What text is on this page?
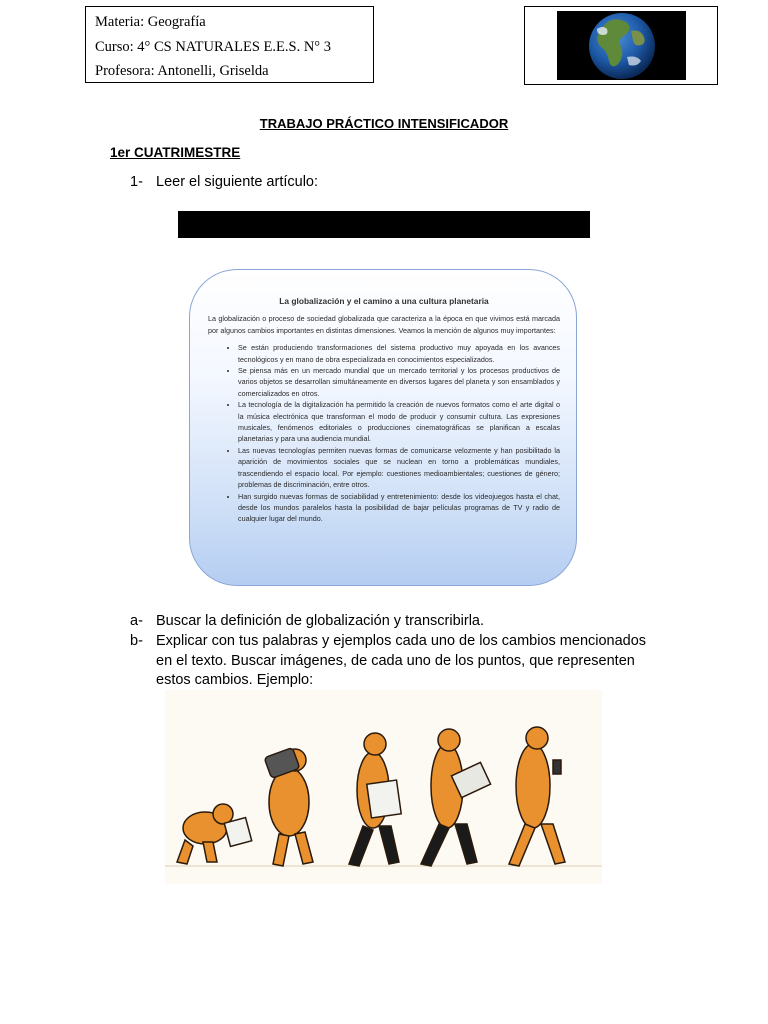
Materia: Geografía
Curso: 4° CS NATURALES E.E.S. N° 3
Profesora: Antonelli, Griselda
TRABAJO PRÁCTICO INTENSIFICADOR
1er CUATRIMESTRE
1- Leer el siguiente artículo:
La globalización y el camino a una cultura planetaria

La globalización o proceso de sociedad globalizada que caracteriza a la época en que vivimos está marcada por algunos cambios importantes en distintas dimensiones. Veamos la mención de algunos muy importantes:

• Se están produciendo transformaciones del sistema productivo muy apoyada en los avances tecnológicos y en mano de obra especializada en conocimientos especializados.
• Se piensa más en un mercado mundial que un mercado territorial y los procesos productivos de varios objetos se desarrollan simultáneamente en diversos lugares del planeta y son ensamblados y comercializados en otros.
• La tecnología de la digitalización ha permitido la creación de nuevos formatos como el arte digital o la música electrónica que transforman el modo de producir y consumir cultura. Las expresiones musicales, fenómenos editoriales o producciones cinematográficas se planifican a escalas planetarias y para una audiencia mundial.
• Las nuevas tecnologías permiten nuevas formas de comunicarse velozmente y han posibilitado la aparición de movimientos sociales que se nuclean en torno a problemáticas mundiales, trascendiendo el espacio local. Por ejemplo: cuestiones medioambientales; cuestiones de género; problemas de discriminación, entre otros.
• Han surgido nuevas formas de sociabilidad y entretenimiento: desde los videojuegos hasta el chat, desde los mundos paralelos hasta la posibilidad de bajar películas programas de TV y radio de cualquier lugar del mundo.
a- Buscar la definición de globalización y transcribirla.
b- Explicar con tus palabras y ejemplos cada uno de los cambios mencionados en el texto. Buscar imágenes, de cada uno de los puntos, que representen estos cambios. Ejemplo:
